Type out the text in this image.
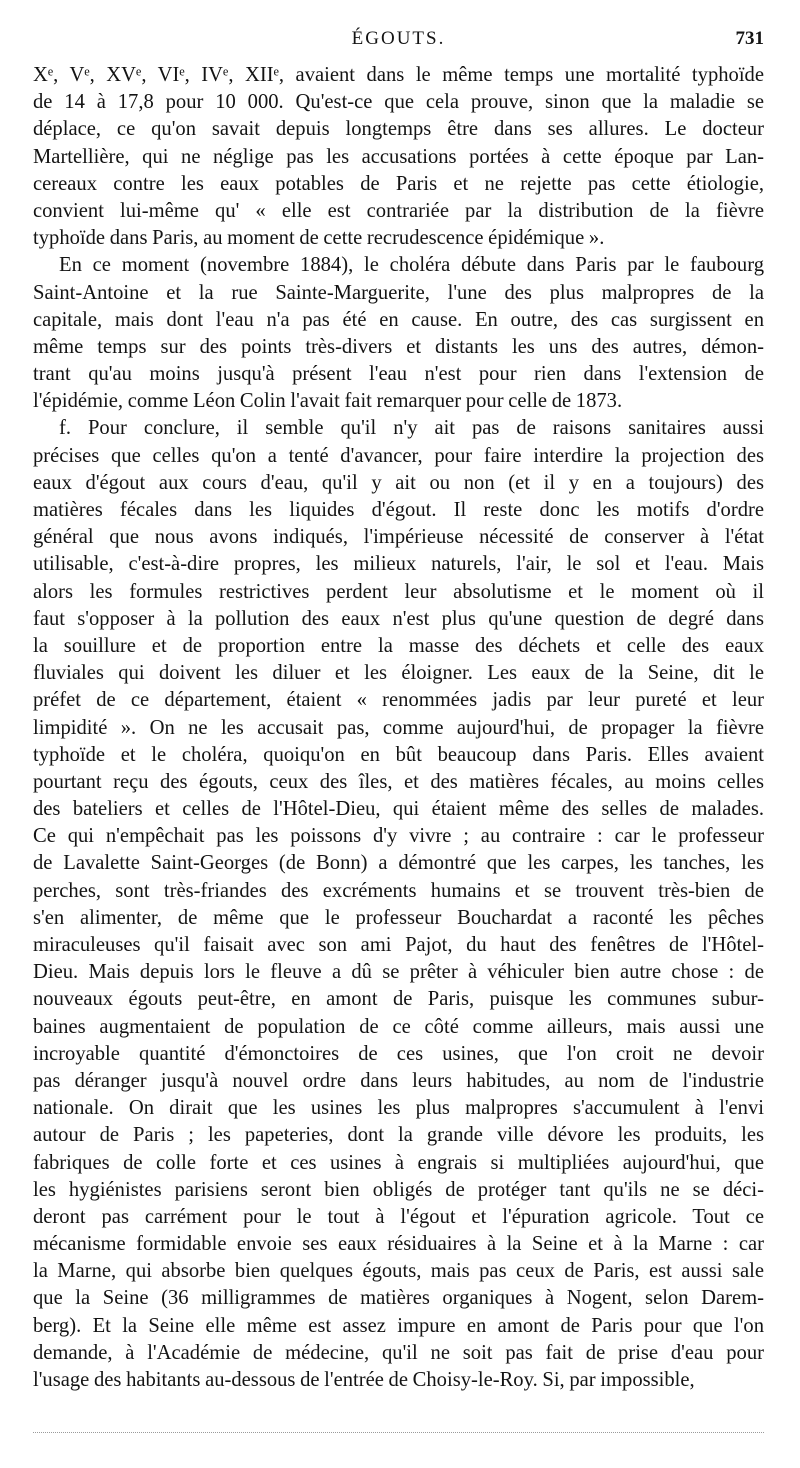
ÉGOUTS.	731
Xᵉ, Vᵉ, XVᵉ, VIᵉ, IVᵉ, XIIᵉ, avaient dans le même temps une mortalité typhoïde
de 14 à 17,8 pour 10 000. Qu'est-ce que cela prouve, sinon que la maladie se
déplace, ce qu'on savait depuis longtemps être dans ses allures. Le docteur
Martellière, qui ne néglige pas les accusations portées à cette époque par Lan-
cereaux contre les eaux potables de Paris et ne rejette pas cette étiologie,
convient lui-même qu' « elle est contrariée par la distribution de la fièvre
typhoïde dans Paris, au moment de cette recrudescence épidémique ».
En ce moment (novembre 1884), le choléra débute dans Paris par le faubourg
Saint-Antoine et la rue Sainte-Marguerite, l'une des plus malpropres de la
capitale, mais dont l'eau n'a pas été en cause. En outre, des cas surgissent en
même temps sur des points très-divers et distants les uns des autres, démon-
trant qu'au moins jusqu'à présent l'eau n'est pour rien dans l'extension de
l'épidémie, comme Léon Colin l'avait fait remarquer pour celle de 1873.
f. Pour conclure, il semble qu'il n'y ait pas de raisons sanitaires aussi
précises que celles qu'on a tenté d'avancer, pour faire interdire la projection des
eaux d'égout aux cours d'eau, qu'il y ait ou non (et il y en a toujours) des
matières fécales dans les liquides d'égout. Il reste donc les motifs d'ordre
général que nous avons indiqués, l'impérieuse nécessité de conserver à l'état
utilisable, c'est-à-dire propres, les milieux naturels, l'air, le sol et l'eau. Mais
alors les formules restrictives perdent leur absolutisme et le moment où il
faut s'opposer à la pollution des eaux n'est plus qu'une question de degré dans
la souillure et de proportion entre la masse des déchets et celle des eaux
fluviales qui doivent les diluer et les éloigner. Les eaux de la Seine, dit le
préfet de ce département, étaient « renommées jadis par leur pureté et leur
limpidité ». On ne les accusait pas, comme aujourd'hui, de propager la fièvre
typhoïde et le choléra, quoiqu'on en bût beaucoup dans Paris. Elles avaient
pourtant reçu des égouts, ceux des îles, et des matières fécales, au moins celles
des bateliers et celles de l'Hôtel-Dieu, qui étaient même des selles de malades.
Ce qui n'empêchait pas les poissons d'y vivre ; au contraire : car le professeur
de Lavalette Saint-Georges (de Bonn) a démontré que les carpes, les tanches, les
perches, sont très-friandes des excréments humains et se trouvent très-bien de
s'en alimenter, de même que le professeur Bouchardat a raconté les pêches
miraculeuses qu'il faisait avec son ami Pajot, du haut des fenêtres de l'Hôtel-
Dieu. Mais depuis lors le fleuve a dû se prêter à véhiculer bien autre chose : de
nouveaux égouts peut-être, en amont de Paris, puisque les communes subur-
baines augmentaient de population de ce côté comme ailleurs, mais aussi une
incroyable quantité d'émonctoires de ces usines, que l'on croit ne devoir
pas déranger jusqu'à nouvel ordre dans leurs habitudes, au nom de l'industrie
nationale. On dirait que les usines les plus malpropres s'accumulent à l'envi
autour de Paris ; les papeteries, dont la grande ville dévore les produits, les
fabriques de colle forte et ces usines à engrais si multipliées aujourd'hui, que
les hygiénistes parisiens seront bien obligés de protéger tant qu'ils ne se déci-
deront pas carrément pour le tout à l'égout et l'épuration agricole. Tout ce
mécanisme formidable envoie ses eaux résiduaires à la Seine et à la Marne : car
la Marne, qui absorbe bien quelques égouts, mais pas ceux de Paris, est aussi sale
que la Seine (36 milligrammes de matières organiques à Nogent, selon Darem-
berg). Et la Seine elle même est assez impure en amont de Paris pour que l'on
demande, à l'Académie de médecine, qu'il ne soit pas fait de prise d'eau pour
l'usage des habitants au-dessous de l'entrée de Choisy-le-Roy. Si, par impossible,
